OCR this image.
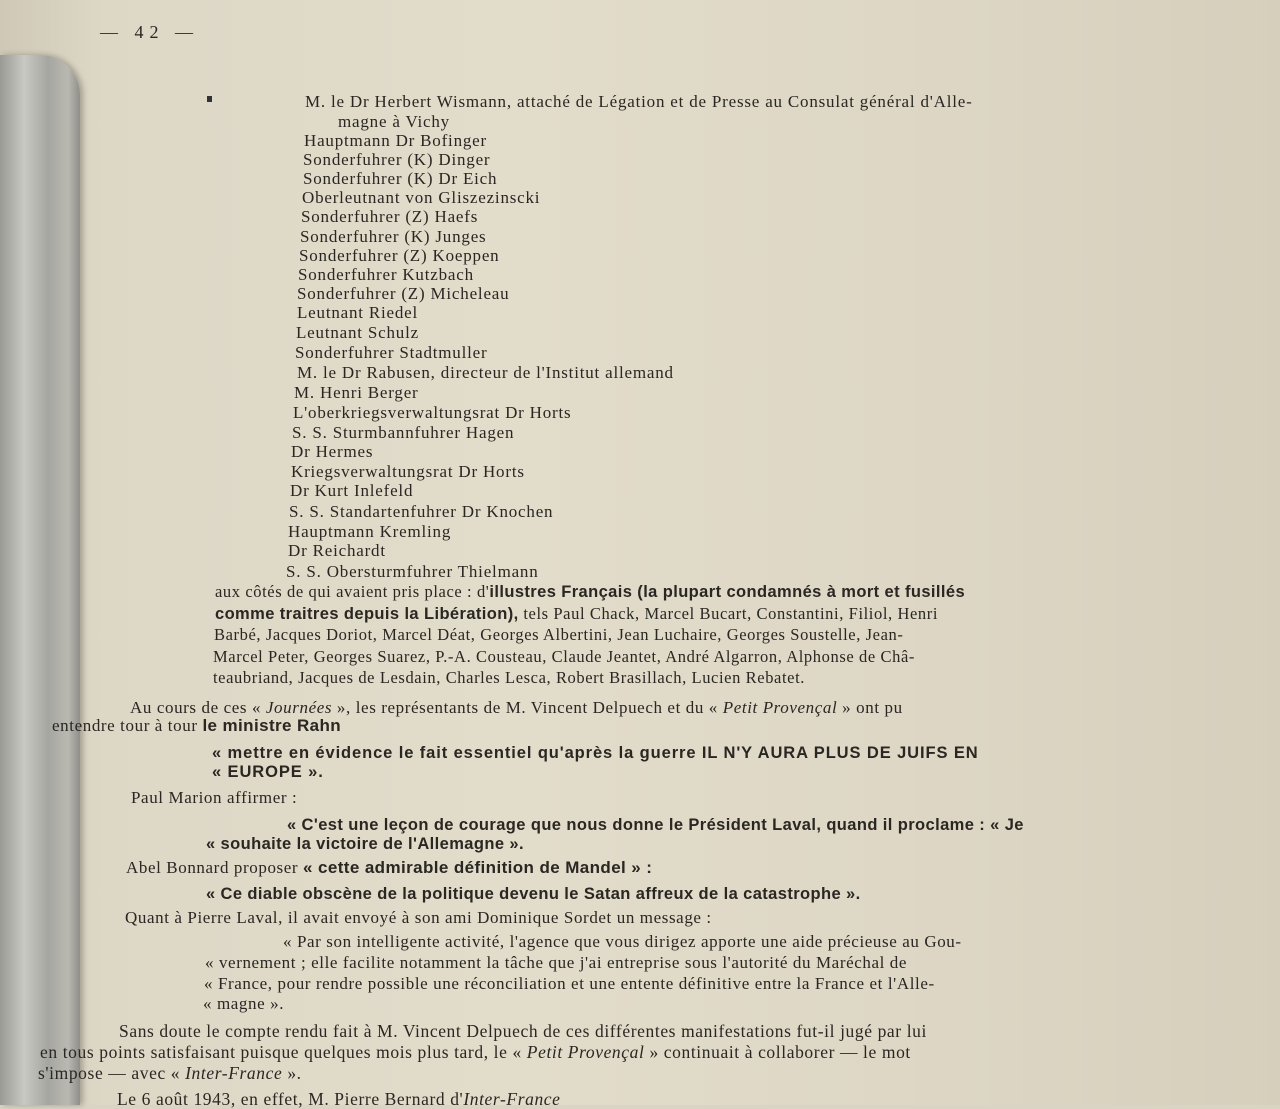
— 42 —
M. le Dr Herbert Wismann, attaché de Légation et de Presse au Consulat général d'Alle-
magne à Vichy
Hauptmann Dr Bofinger
Sonderfuhrer (K) Dinger
Sonderfuhrer (K) Dr Eich
Oberleutnant von Gliszezinscki
Sonderfuhrer (Z) Haefs
Sonderfuhrer (K) Junges
Sonderfuhrer (Z) Koeppen
Sonderfuhrer Kutzbach
Sonderfuhrer (Z) Micheleau
Leutnant Riedel
Leutnant Schulz
Sonderfuhrer Stadtmuller
M. le Dr Rabusen, directeur de l'Institut allemand
M. Henri Berger
L'oberkriegsverwaltungsrat Dr Horts
S. S. Sturmbannfuhrer Hagen
Dr Hermes
Kriegsverwaltungsrat Dr Horts
Dr Kurt Inlefeld
S. S. Standartenfuhrer Dr Knochen
Hauptmann Kremling
Dr Reichardt
S. S. Obersturmfuhrer Thielmann
aux côtés de qui avaient pris place : d'illustres Français (la plupart condamnés à mort et fusillés
comme traitres depuis la Libération), tels Paul Chack, Marcel Bucart, Constantini, Filiol, Henri
Barbé, Jacques Doriot, Marcel Déat, Georges Albertini, Jean Luchaire, Georges Soustelle, Jean-
Marcel Peter, Georges Suarez, P.-A. Cousteau, Claude Jeantet, André Algarron, Alphonse de Châ-
teaubriand, Jacques de Lesdain, Charles Lesca, Robert Brasillach, Lucien Rebatet.
Au cours de ces « Journées », les représentants de M. Vincent Delpuech et du « Petit Provençal » ont pu
entendre tour à tour le ministre Rahn
« mettre en évidence le fait essentiel qu'après la guerre IL N'Y AURA PLUS DE JUIFS EN
« EUROPE ».
Paul Marion affirmer :
« C'est une leçon de courage que nous donne le Président Laval, quand il proclame : « Je
« souhaite la victoire de l'Allemagne ».
Abel Bonnard proposer « cette admirable définition de Mandel » :
« Ce diable obscène de la politique devenu le Satan affreux de la catastrophe ».
Quant à Pierre Laval, il avait envoyé à son ami Dominique Sordet un message :
« Par son intelligente activité, l'agence que vous dirigez apporte une aide précieuse au Gou-
« vernement ; elle facilite notamment la tâche que j'ai entreprise sous l'autorité du Maréchal de
« France, pour rendre possible une réconciliation et une entente définitive entre la France et l'Alle-
« magne ».
Sans doute le compte rendu fait à M. Vincent Delpuech de ces différentes manifestations fut-il jugé par lui
en tous points satisfaisant puisque quelques mois plus tard, le « Petit Provençal » continuait à collaborer — le mot
s'impose — avec « Inter-France ».
Le 6 août 1943, en effet, M. Pierre Bernard d'Inter-France
